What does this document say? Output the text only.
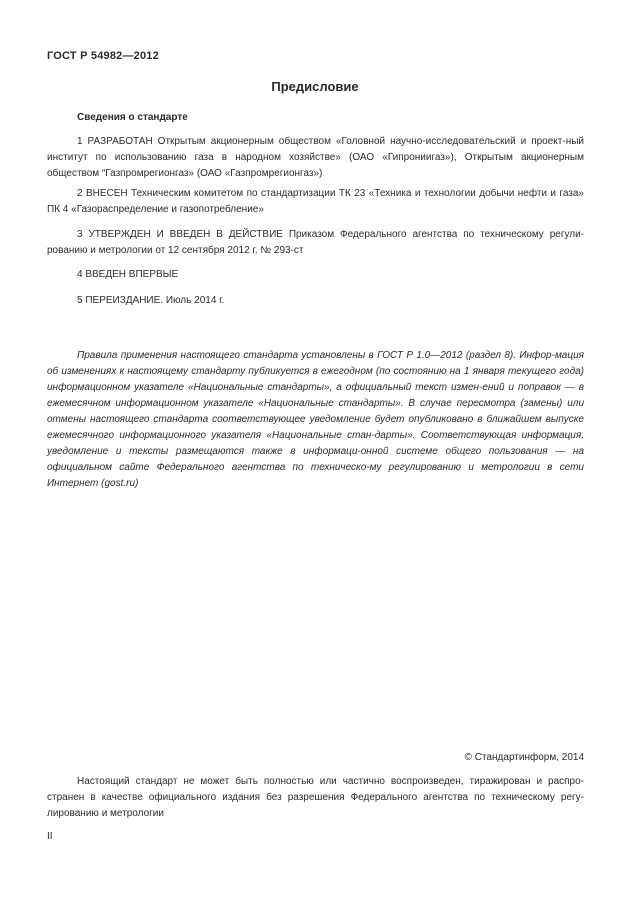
ГОСТ Р 54982—2012
Предисловие
Сведения о стандарте

1 РАЗРАБОТАН Открытым акционерным обществом «Головной научно-исследовательский и проект-ный институт по использованию газа в народном хозяйстве» (ОАО «Гипрониигаз»), Открытым акционерным обществом “Газпромрегионгаз» (ОАО «Газпромрегионгаз»)

2 ВНЕСЕН Техническим комитетом по стандартизации ТК 23 «Техника и технологии добычи нефти и газа» ПК 4 «Газораспределение и газопотребление»

3 УТВЕРЖДЕН И ВВЕДЕН В ДЕЙСТВИЕ Приказом Федерального агентства по техническому регули-рованию и метрологии от 12 сентября 2012 г. № 293-ст

4 ВВЕДЕН ВПЕРВЫЕ

5 ПЕРЕИЗДАНИЕ. Июль 2014 г.

Правила применения настоящего стандарта установлены в ГОСТ Р 1.0—2012 (раздел 8). Инфор-мация об изменениях к настоящему стандарту публикуется в ежегодном (по состоянию на 1 января текущего года) информационном указателе «Национальные стандарты», а официальный текст измен-ений и поправок — в ежемесячном информационном указателе «Национальные стандарты». В случае пересмотра (замены) или отмены настоящего стандарта соответствующее уведомление будет опубликовано в ближайшем выпуске ежемесячного информационного указателя «Национальные стан-дарты». Соответствующая информация, уведомление и тексты размещаются также в информаци-онной системе общего пользования — на официальном сайте Федерального агентства по техническо-му регулированию и метрологии в сети Интернет (gost.ru)

© Стандартинформ, 2014

Настоящий стандарт не может быть полностью или частично воспроизведен, тиражирован и распро-странен в качестве официального издания без разрешения Федерального агентства по техническому регу-лированию и метрологии

II
